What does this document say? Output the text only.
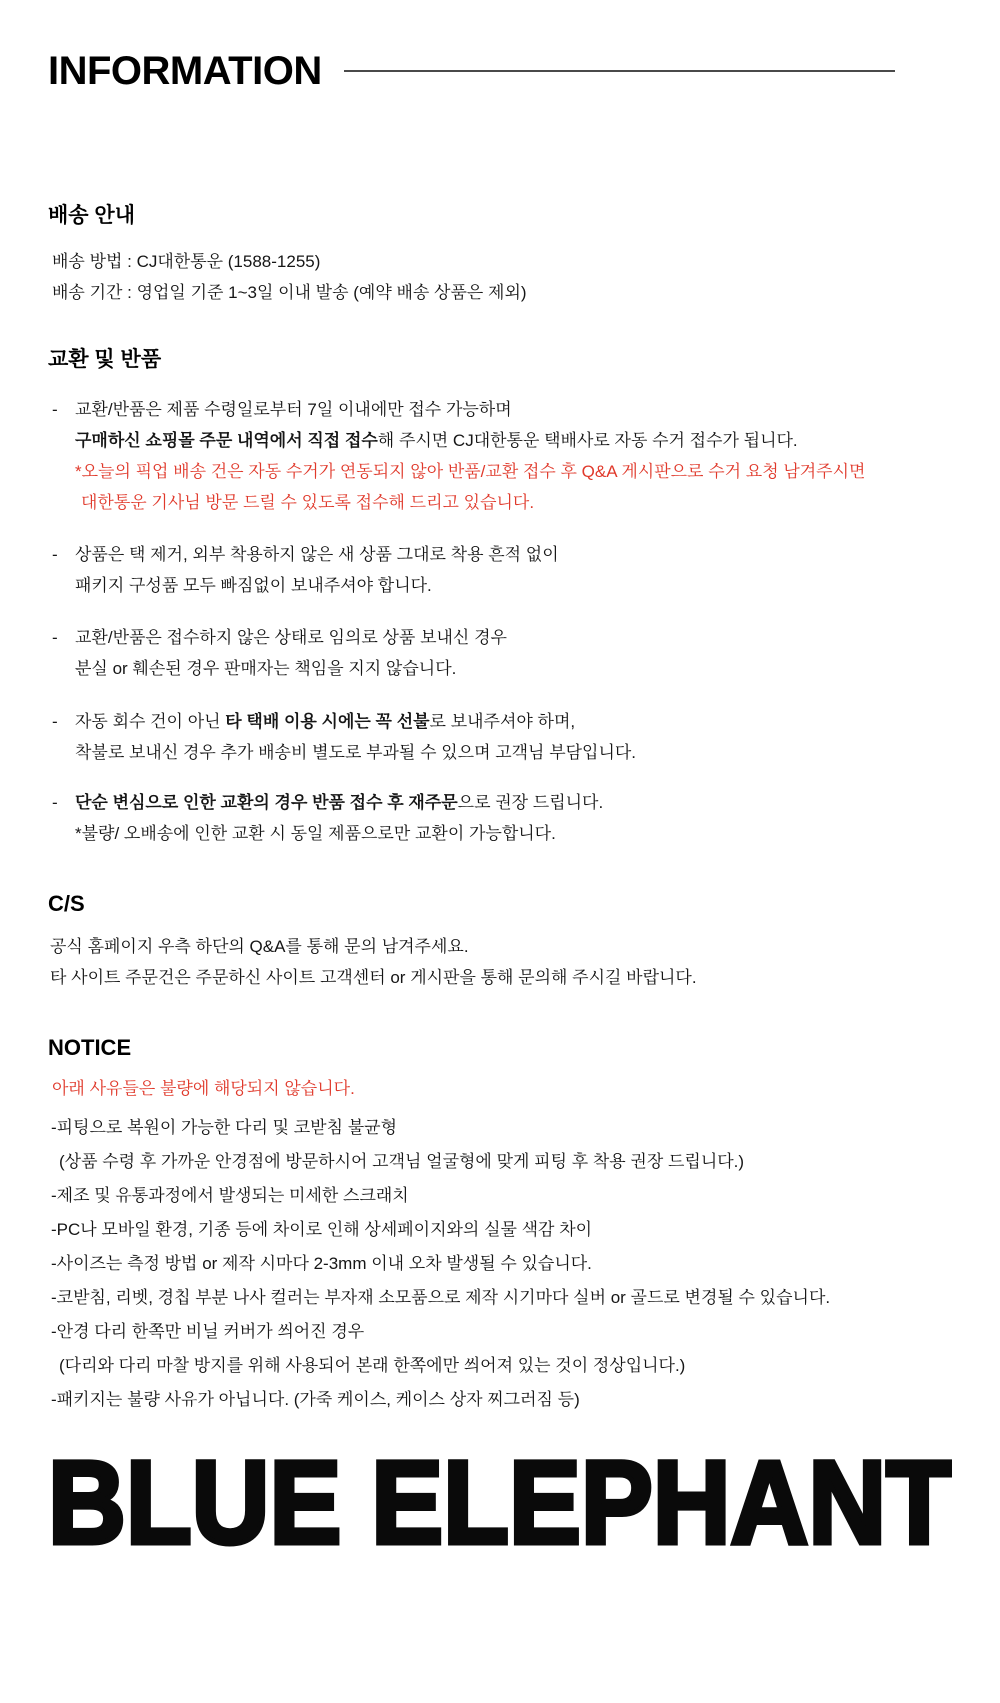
INFORMATION
배송 안내
배송 방법 : CJ대한통운 (1588-1255)
배송 기간 : 영업일 기준 1~3일 이내 발송 (예약 배송 상품은 제외)
교환 및 반품
-	교환/반품은 제품 수령일로부터 7일 이내에만 접수 가능하며
구매하신 쇼핑몰 주문 내역에서 직접 접수해 주시면 CJ대한통운 택배사로 자동 수거 접수가 됩니다.
*오늘의 픽업 배송 건은 자동 수거가 연동되지 않아 반품/교환 접수 후 Q&A 게시판으로 수거 요청 남겨주시면
대한통운 기사님 방문 드릴 수 있도록 접수해 드리고 있습니다.
-	상품은 택 제거, 외부 착용하지 않은 새 상품 그대로 착용 흔적 없이
패키지 구성품 모두 빠짐없이 보내주셔야 합니다.
-	교환/반품은 접수하지 않은 상태로 임의로 상품 보내신 경우
분실 or 훼손된 경우 판매자는 책임을 지지 않습니다.
-	자동 회수 건이 아닌 타 택배 이용 시에는 꼭 선불로 보내주셔야 하며,
착불로 보내신 경우 추가 배송비 별도로 부과될 수 있으며 고객님 부담입니다.
-	단순 변심으로 인한 교환의 경우 반품 접수 후 재주문으로 권장 드립니다.
*불량/ 오배송에 인한 교환 시 동일 제품으로만 교환이 가능합니다.
C/S
공식 홈페이지 우측 하단의 Q&A를 통해 문의 남겨주세요.
타 사이트 주문건은 주문하신 사이트 고객센터 or 게시판을 통해 문의해 주시길 바랍니다.
NOTICE
아래 사유들은 불량에 해당되지 않습니다.
-피팅으로 복원이 가능한 다리 및 코받침 불균형
(상품 수령 후 가까운 안경점에 방문하시어 고객님 얼굴형에 맞게 피팅 후 착용 권장 드립니다.)
-제조 및 유통과정에서 발생되는 미세한 스크래치
-PC나 모바일 환경, 기종 등에 차이로 인해 상세페이지와의 실물 색감 차이
-사이즈는 측정 방법 or 제작 시마다 2-3mm 이내 오차 발생될 수 있습니다.
-코받침, 리벳, 경칩 부분 나사 컬러는 부자재 소모품으로 제작 시기마다 실버 or 골드로 변경될 수 있습니다.
-안경 다리 한쪽만 비닐 커버가 씌어진 경우
(다리와 다리 마찰 방지를 위해 사용되어 본래 한쪽에만 씌어져 있는 것이 정상입니다.)
-패키지는 불량 사유가 아닙니다. (가죽 케이스, 케이스 상자 찌그러짐 등)
BLUE ELEPHANT
